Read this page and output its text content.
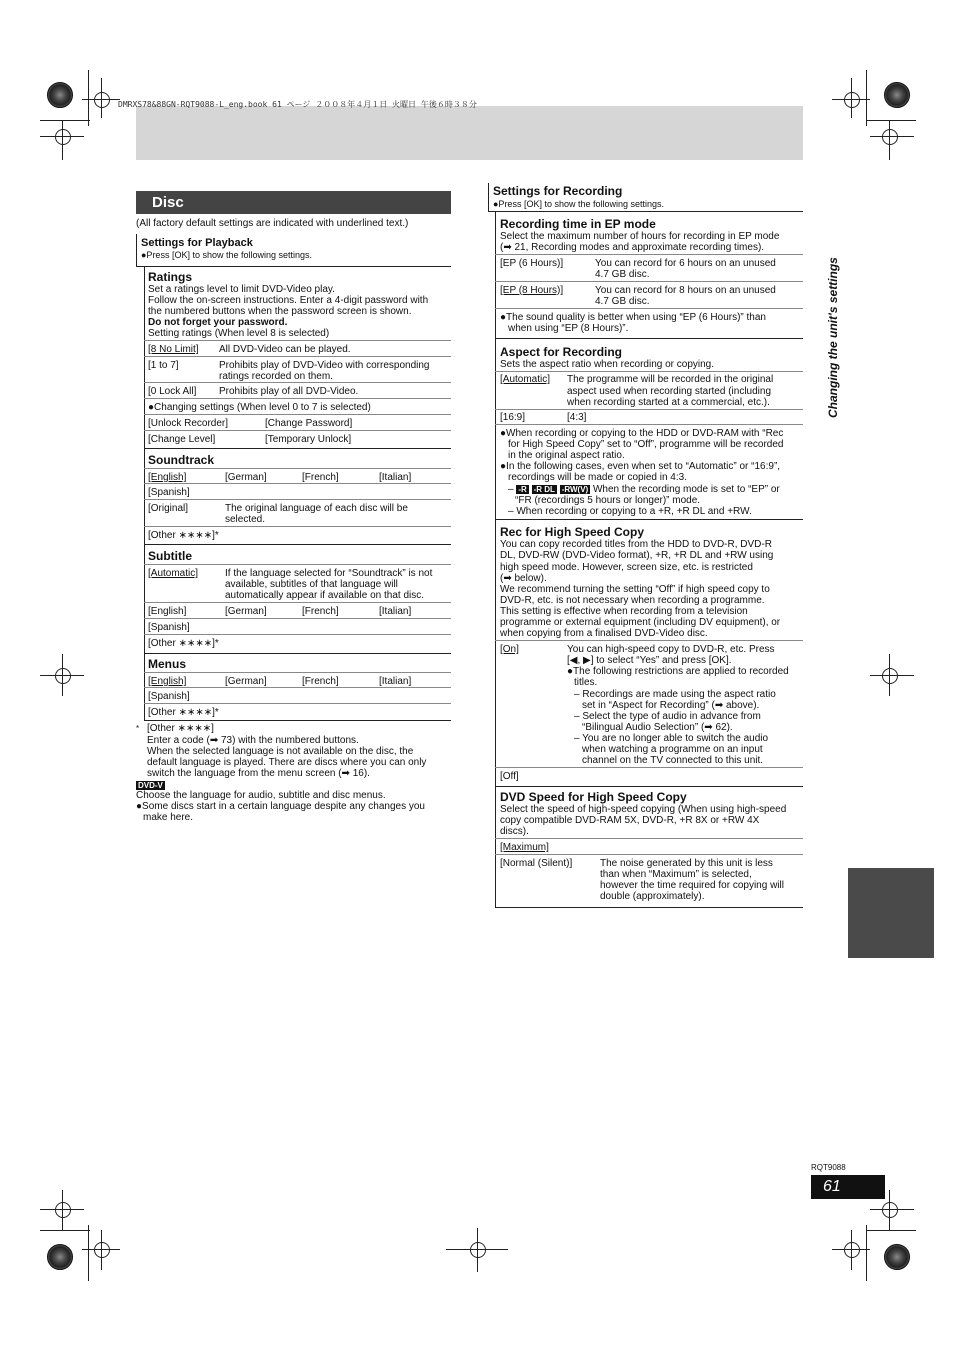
DMRXS78&88GN-RQT9088-L_eng.book 61 ページ ２００８年４月１日 火曜日 午後６時３８分
Changing the unit's settings
RQT9088
61
Disc
(All factory default settings are indicated with underlined text.)
Settings for Playback
●Press [OK] to show the following settings.
Ratings
Set a ratings level to limit DVD-Video play.
Follow the on-screen instructions. Enter a 4-digit password with
the numbered buttons when the password screen is shown.
Do not forget your password.
Setting ratings (When level 8 is selected)
[8 No Limit] All DVD-Video can be played.
[1 to 7]	Prohibits play of DVD-Video with corresponding
ratings recorded on them.
[0 Lock All] Prohibits play of all DVD-Video.
●Changing settings (When level 0 to 7 is selected)
[Unlock Recorder]	[Change Password]
[Change Level]	[Temporary Unlock]
Soundtrack
[English]	[German]	[French]	[Italian]
[Spanish]
[Original]	The original language of each disc will be
selected.
[Other ∗∗∗∗]*
Subtitle
[Automatic]	If the language selected for “Soundtrack” is not
available, subtitles of that language will
automatically appear if available on that disc.
[English]	[German]	[French]	[Italian]
[Spanish]
[Other ∗∗∗∗]*
Menus
[English]	[German]	[French]	[Italian]
[Spanish]
[Other ∗∗∗∗]*
* [Other ∗∗∗∗]
Enter a code (➡ 73) with the numbered buttons.
When the selected language is not available on the disc, the
default language is played. There are discs where you can only
switch the language from the menu screen (➡ 16).
DVD-V
Choose the language for audio, subtitle and disc menus.
●Some discs start in a certain language despite any changes you
make here.
Settings for Recording
●Press [OK] to show the following settings.
Recording time in EP mode
Select the maximum number of hours for recording in EP mode
(➡ 21, Recording modes and approximate recording times).
[EP (6 Hours)]	You can record for 6 hours on an unused
4.7 GB disc.
[EP (8 Hours)]	You can record for 8 hours on an unused
4.7 GB disc.
●The sound quality is better when using “EP (6 Hours)” than
when using “EP (8 Hours)”.
Aspect for Recording
Sets the aspect ratio when recording or copying.
[Automatic] The programme will be recorded in the original
aspect used when recording started (including
when recording started at a commercial, etc.).
[16:9]	[4:3]
●When recording or copying to the HDD or DVD-RAM with “Rec
for High Speed Copy” set to “Off”, programme will be recorded
in the original aspect ratio.
●In the following cases, even when set to “Automatic” or “16:9”,
recordings will be made or copied in 4:3.
– -R -R DL -RW(V) When the recording mode is set to “EP” or
“FR (recordings 5 hours or longer)” mode.
– When recording or copying to a +R, +R DL and +RW.
Rec for High Speed Copy
You can copy recorded titles from the HDD to DVD-R, DVD-R
DL, DVD-RW (DVD-Video format), +R, +R DL and +RW using
high speed mode. However, screen size, etc. is restricted
(➡ below).
We recommend turning the setting “Off” if high speed copy to
DVD-R, etc. is not necessary when recording a programme.
This setting is effective when recording from a television
programme or external equipment (including DV equipment), or
when copying from a finalised DVD-Video disc.
[On]	You can high-speed copy to DVD-R, etc. Press
[◀, ▶] to select “Yes” and press [OK].
●The following restrictions are applied to recorded
titles.
– Recordings are made using the aspect ratio
set in “Aspect for Recording” (➡ above).
– Select the type of audio in advance from
“Bilingual Audio Selection” (➡ 62).
– You are no longer able to switch the audio
when watching a programme on an input
channel on the TV connected to this unit.
[Off]
DVD Speed for High Speed Copy
Select the speed of high-speed copying (When using high-speed
copy compatible DVD-RAM 5X, DVD-R, +R 8X or +RW 4X
discs).
[Maximum]
[Normal (Silent)]	The noise generated by this unit is less
than when “Maximum” is selected,
however the time required for copying will
double (approximately).
